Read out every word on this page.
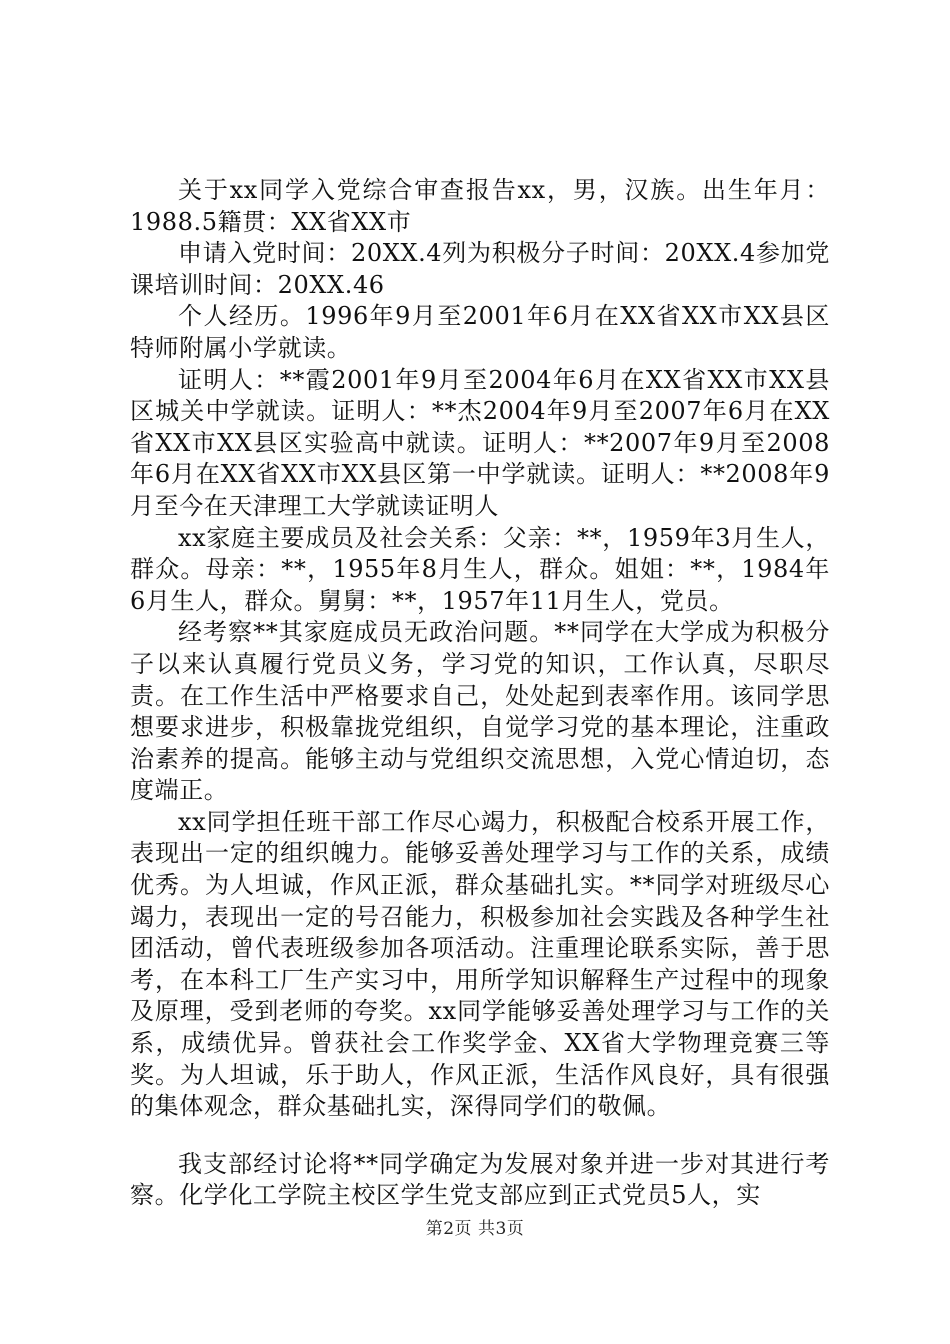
关于xx同学入党综合审查报告xx，男，汉族。出生年月：1988.5籍贯：XX省XX市

申请入党时间：20XX.4列为积极分子时间：20XX.4参加党课培训时间：20XX.46

个人经历。1996年9月至2001年6月在XX省XX市XX县区特师附属小学就读。

证明人：**霞2001年9月至2004年6月在XX省XX市XX县区城关中学就读。证明人：**杰2004年9月至2007年6月在XX省XX市XX县区实验高中就读。证明人：**2007年9月至2008年6月在XX省XX市XX县区第一中学就读。证明人：**2008年9月至今在天津理工大学就读证明人

xx家庭主要成员及社会关系：父亲：**，1959年3月生人，群众。母亲：**，1955年8月生人，群众。姐姐：**，1984年6月生人，群众。舅舅：**，1957年11月生人，党员。

经考察**其家庭成员无政治问题。**同学在大学成为积极分子以来认真履行党员义务，学习党的知识，工作认真，尽职尽责。在工作生活中严格要求自己，处处起到表率作用。该同学思想要求进步，积极靠拢党组织，自觉学习党的基本理论，注重政治素养的提高。能够主动与党组织交流思想，入党心情迫切，态度端正。

xx同学担任班干部工作尽心竭力，积极配合校系开展工作，表现出一定的组织魄力。能够妥善处理学习与工作的关系，成绩优秀。为人坦诚，作风正派，群众基础扎实。**同学对班级尽心竭力，表现出一定的号召能力，积极参加社会实践及各种学生社团活动，曾代表班级参加各项活动。注重理论联系实际，善于思考，在本科工厂生产实习中，用所学知识解释生产过程中的现象及原理，受到老师的夸奖。xx同学能够妥善处理学习与工作的关系，成绩优异。曾获社会工作奖学金、XX省大学物理竞赛三等奖。为人坦诚，乐于助人，作风正派，生活作风良好，具有很强的集体观念，群众基础扎实，深得同学们的敬佩。

我支部经讨论将**同学确定为发展对象并进一步对其进行考察。化学化工学院主校区学生党支部应到正式党员5人，实

第2页 共3页
